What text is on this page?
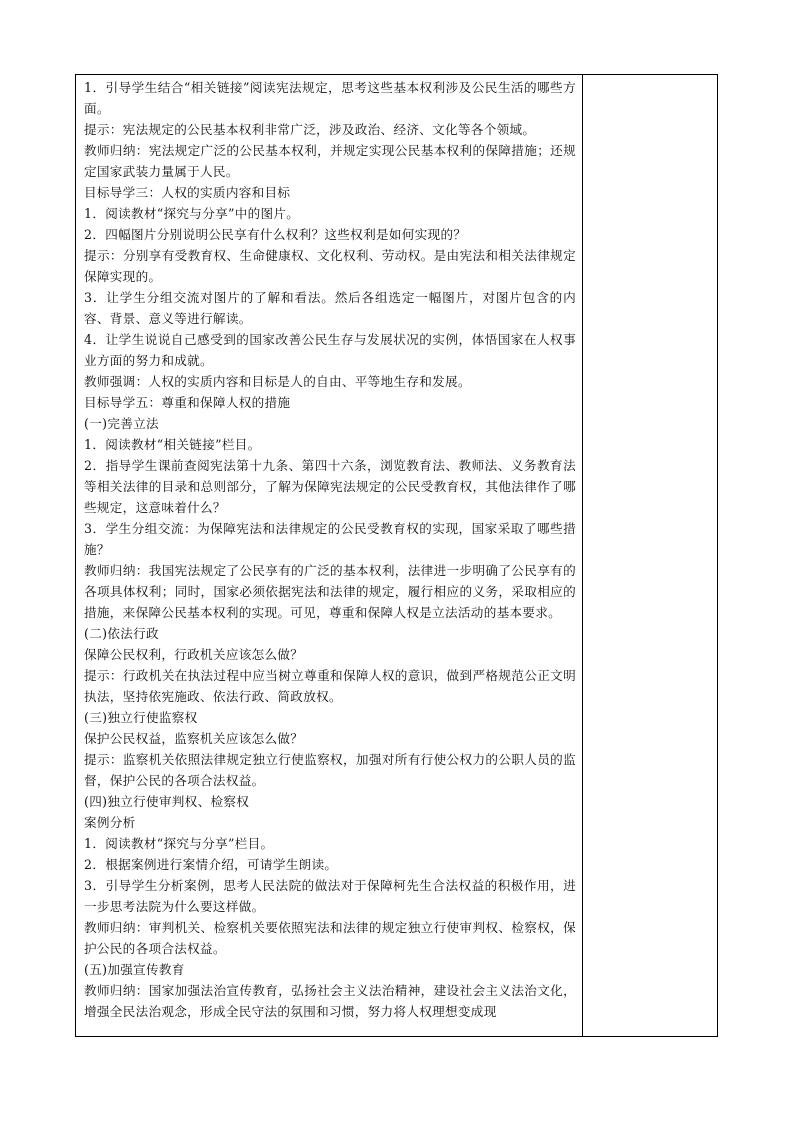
1．引导学生结合“相关链接”阅读宪法规定，思考这些基本权利涉及公民生活的哪些方面。

提示：宪法规定的公民基本权利非常广泛，涉及政治、经济、文化等各个领域。

教师归纳：宪法规定广泛的公民基本权利，并规定实现公民基本权利的保障措施；还规定国家武装力量属于人民。

目标导学三：人权的实质内容和目标

1．阅读教材“探究与分享”中的图片。

2．四幅图片分别说明公民享有什么权利？这些权利是如何实现的？

提示：分别享有受教育权、生命健康权、文化权利、劳动权。是由宪法和相关法律规定保障实现的。

3．让学生分组交流对图片的了解和看法。然后各组选定一幅图片，对图片包含的内容、背景、意义等进行解读。

4．让学生说说自己感受到的国家改善公民生存与发展状况的实例，体悟国家在人权事业方面的努力和成就。

教师强调：人权的实质内容和目标是人的自由、平等地生存和发展。

目标导学五：尊重和保障人权的措施

(一)完善立法

1．阅读教材“相关链接”栏目。

2．指导学生课前查阅宪法第十九条、第四十六条，浏览教育法、教师法、义务教育法等相关法律的目录和总则部分，了解为保障宪法规定的公民受教育权，其他法律作了哪些规定，这意味着什么？

3．学生分组交流：为保障宪法和法律规定的公民受教育权的实现，国家采取了哪些措施？

教师归纳：我国宪法规定了公民享有的广泛的基本权利，法律进一步明确了公民享有的各项具体权利；同时，国家必须依据宪法和法律的规定，履行相应的义务，采取相应的措施，来保障公民基本权利的实现。可见，尊重和保障人权是立法活动的基本要求。

(二)依法行政

保障公民权利，行政机关应该怎么做？

提示：行政机关在执法过程中应当树立尊重和保障人权的意识，做到严格规范公正文明执法，坚持依宪施政、依法行政、简政放权。

(三)独立行使监察权

保护公民权益，监察机关应该怎么做？

提示：监察机关依照法律规定独立行使监察权，加强对所有行使公权力的公职人员的监督，保护公民的各项合法权益。

(四)独立行使审判权、检察权

案例分析

1．阅读教材“探究与分享”栏目。

2．根据案例进行案情介绍，可请学生朗读。

3．引导学生分析案例，思考人民法院的做法对于保障柯先生合法权益的积极作用，进一步思考法院为什么要这样做。

教师归纳：审判机关、检察机关要依照宪法和法律的规定独立行使审判权、检察权，保护公民的各项合法权益。

(五)加强宣传教育

教师归纳：国家加强法治宣传教育，弘扬社会主义法治精神，建设社会主义法治文化，增强全民法治观念，形成全民守法的氛围和习惯，努力将人权理想变成现
